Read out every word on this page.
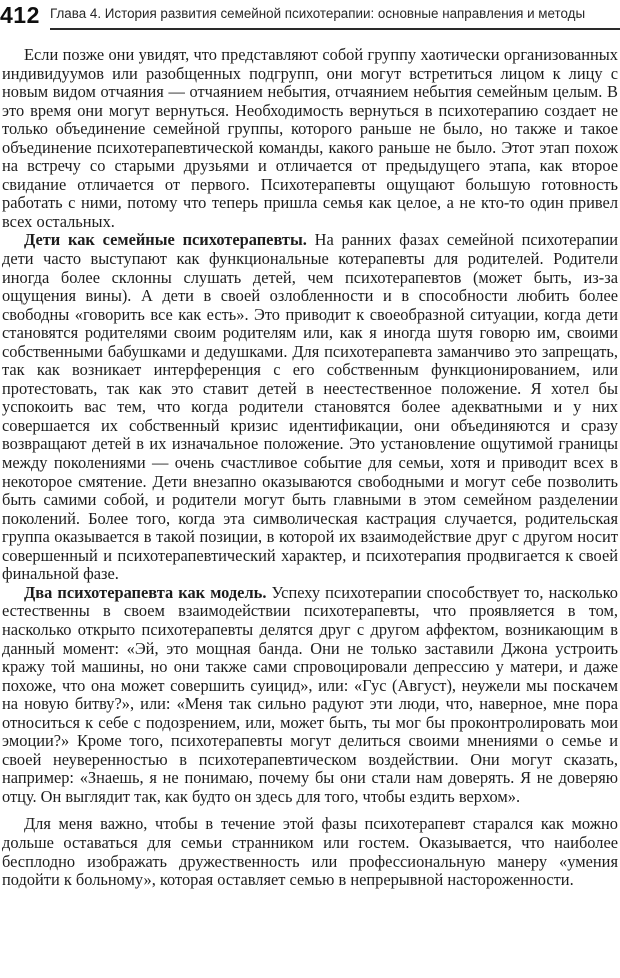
412 Глава 4. История развития семейной психотерапии: основные направления и методы

Если позже они увидят, что представляют собой группу хаотически организованных индивидуумов или разобщенных подгрупп, они могут встретиться лицом к лицу с новым видом отчаяния — отчаянием небытия, отчаянием небытия семейным целым. В это время они могут вернуться. Необходимость вернуться в психотерапию создает не только объединение семейной группы, которого раньше не было, но также и такое объединение психотерапевтической команды, какого раньше не было. Этот этап похож на встречу со старыми друзьями и отличается от предыдущего этапа, как второе свидание отличается от первого. Психотерапевты ощущают большую готовность работать с ними, потому что теперь пришла семья как целое, а не кто-то один привел всех остальных.

Дети как семейные психотерапевты. На ранних фазах семейной психотерапии дети часто выступают как функциональные котерапевты для родителей. Родители иногда более склонны слушать детей, чем психотерапевтов (может быть, из-за ощущения вины). А дети в своей озлобленности и в способности любить более свободны «говорить все как есть». Это приводит к своеобразной ситуации, когда дети становятся родителями своим родителям или, как я иногда шутя говорю им, своими собственными бабушками и дедушками. Для психотерапевта заманчиво это запрещать, так как возникает интерференция с его собственным функционированием, или протестовать, так как это ставит детей в неестественное положение. Я хотел бы успокоить вас тем, что когда родители становятся более адекватными и у них совершается их собственный кризис идентификации, они объединяются и сразу возвращают детей в их изначальное положение. Это установление ощутимой границы между поколениями — очень счастливое событие для семьи, хотя и приводит всех в некоторое смятение. Дети внезапно оказываются свободными и могут себе позволить быть самими собой, и родители могут быть главными в этом семейном разделении поколений. Более того, когда эта символическая кастрация случается, родительская группа оказывается в такой позиции, в которой их взаимодействие друг с другом носит совершенный и психотерапевтический характер, и психотерапия продвигается к своей финальной фазе.

Два психотерапевта как модель. Успеху психотерапии способствует то, насколько естественны в своем взаимодействии психотерапевты, что проявляется в том, насколько открыто психотерапевты делятся друг с другом аффектом, возникающим в данный момент: «Эй, это мощная банда. Они не только заставили Джона устроить кражу той машины, но они также сами спровоцировали депрессию у матери, и даже похоже, что она может совершить суицид», или: «Гус (Август), неужели мы поскачем на новую битву?», или: «Меня так сильно радуют эти люди, что, наверное, мне пора относиться к себе с подозрением, или, может быть, ты мог бы проконтролировать мои эмоции?» Кроме того, психотерапевты могут делиться своими мнениями о семье и своей неуверенностью в психотерапевтическом воздействии. Они могут сказать, например: «Знаешь, я не понимаю, почему бы они стали нам доверять. Я не доверяю отцу. Он выглядит так, как будто он здесь для того, чтобы ездить верхом».

Для меня важно, чтобы в течение этой фазы психотерапевт старался как можно дольше оставаться для семьи странником или гостем. Оказывается, что наиболее бесплодно изображать дружественность или профессиональную манеру «умения подойти к больному», которая оставляет семью в непрерывной настороженности.
